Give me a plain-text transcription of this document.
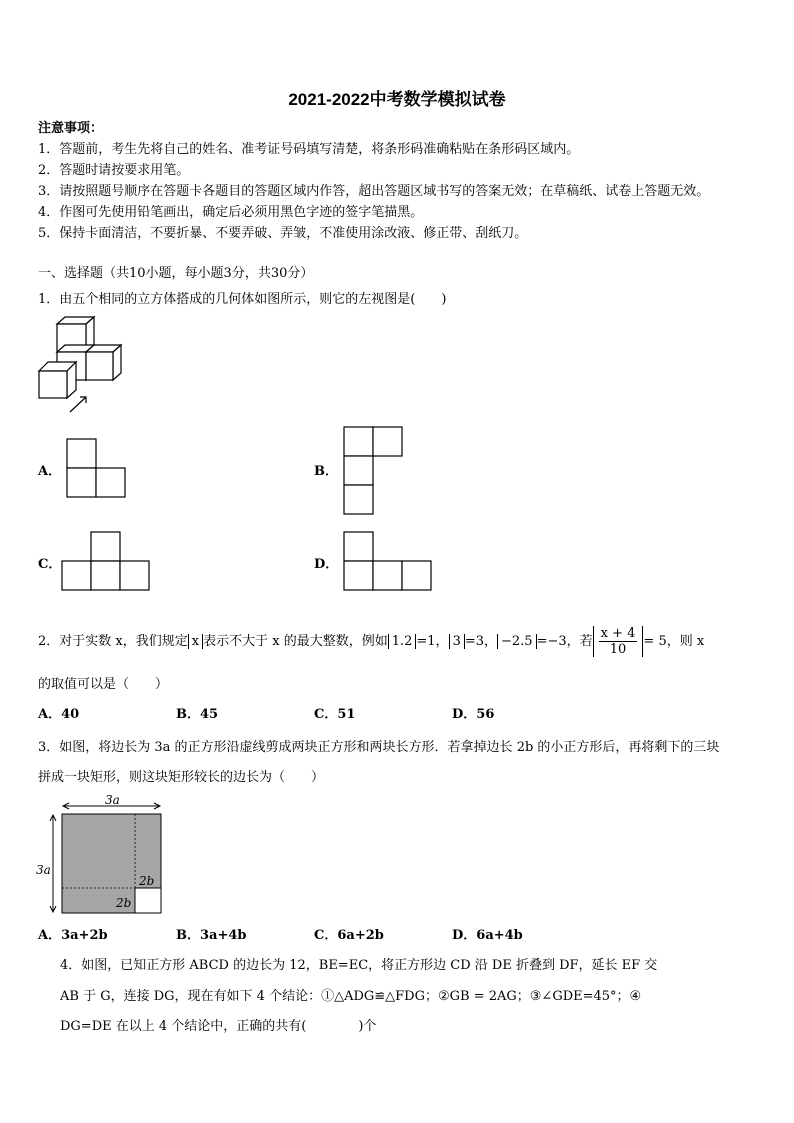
2021-2022中考数学模拟试卷
注意事项：
1．答题前，考生先将自己的姓名、准考证号码填写清楚，将条形码准确粘贴在条形码区域内。
2．答题时请按要求用笔。
3．请按照题号顺序在答题卡各题目的答题区域内作答，超出答题区域书写的答案无效；在草稿纸、试卷上答题无效。
4．作图可先使用铅笔画出，确定后必须用黑色字迹的签字笔描黑。
5．保持卡面清洁，不要折暴、不要弄破、弄皱，不准使用涂改液、修正带、刮纸刀。
一、选择题（共10小题，每小题3分，共30分）
1．由五个相同的立方体搭成的几何体如图所示，则它的左视图是(　　)
A．	B．
C．	D．
2．对于实数 x，我们规定 x 表示不大于 x 的最大整数，例如 1.2 =1， 3 =3， −2.5 =−3，若 $\frac{x + 4}{10} = 5$，则 x
的取值可以是（　　）
A．40	B．45	C．51	D．56
3．如图，将边长为 3a 的正方形沿虚线剪成两块正方形和两块长方形．若拿掉边长 2b 的小正方形后，再将剩下的三块
拼成一块矩形，则这块矩形较长的边长为（　　）
3a
3a
2b
2b
A．3a+2b	B．3a+4b	C．6a+2b	D．6a+4b
4．如图，已知正方形 ABCD 的边长为 12，BE=EC，将正方形边 CD 沿 DE 折叠到 DF，延长 EF 交
AB 于 G，连接 DG，现在有如下 4 个结论：①△ADG≌△FDG；②GB = 2AG；③∠GDE=45°；④
DG=DE 在以上 4 个结论中，正确的共有(　　　　)个
